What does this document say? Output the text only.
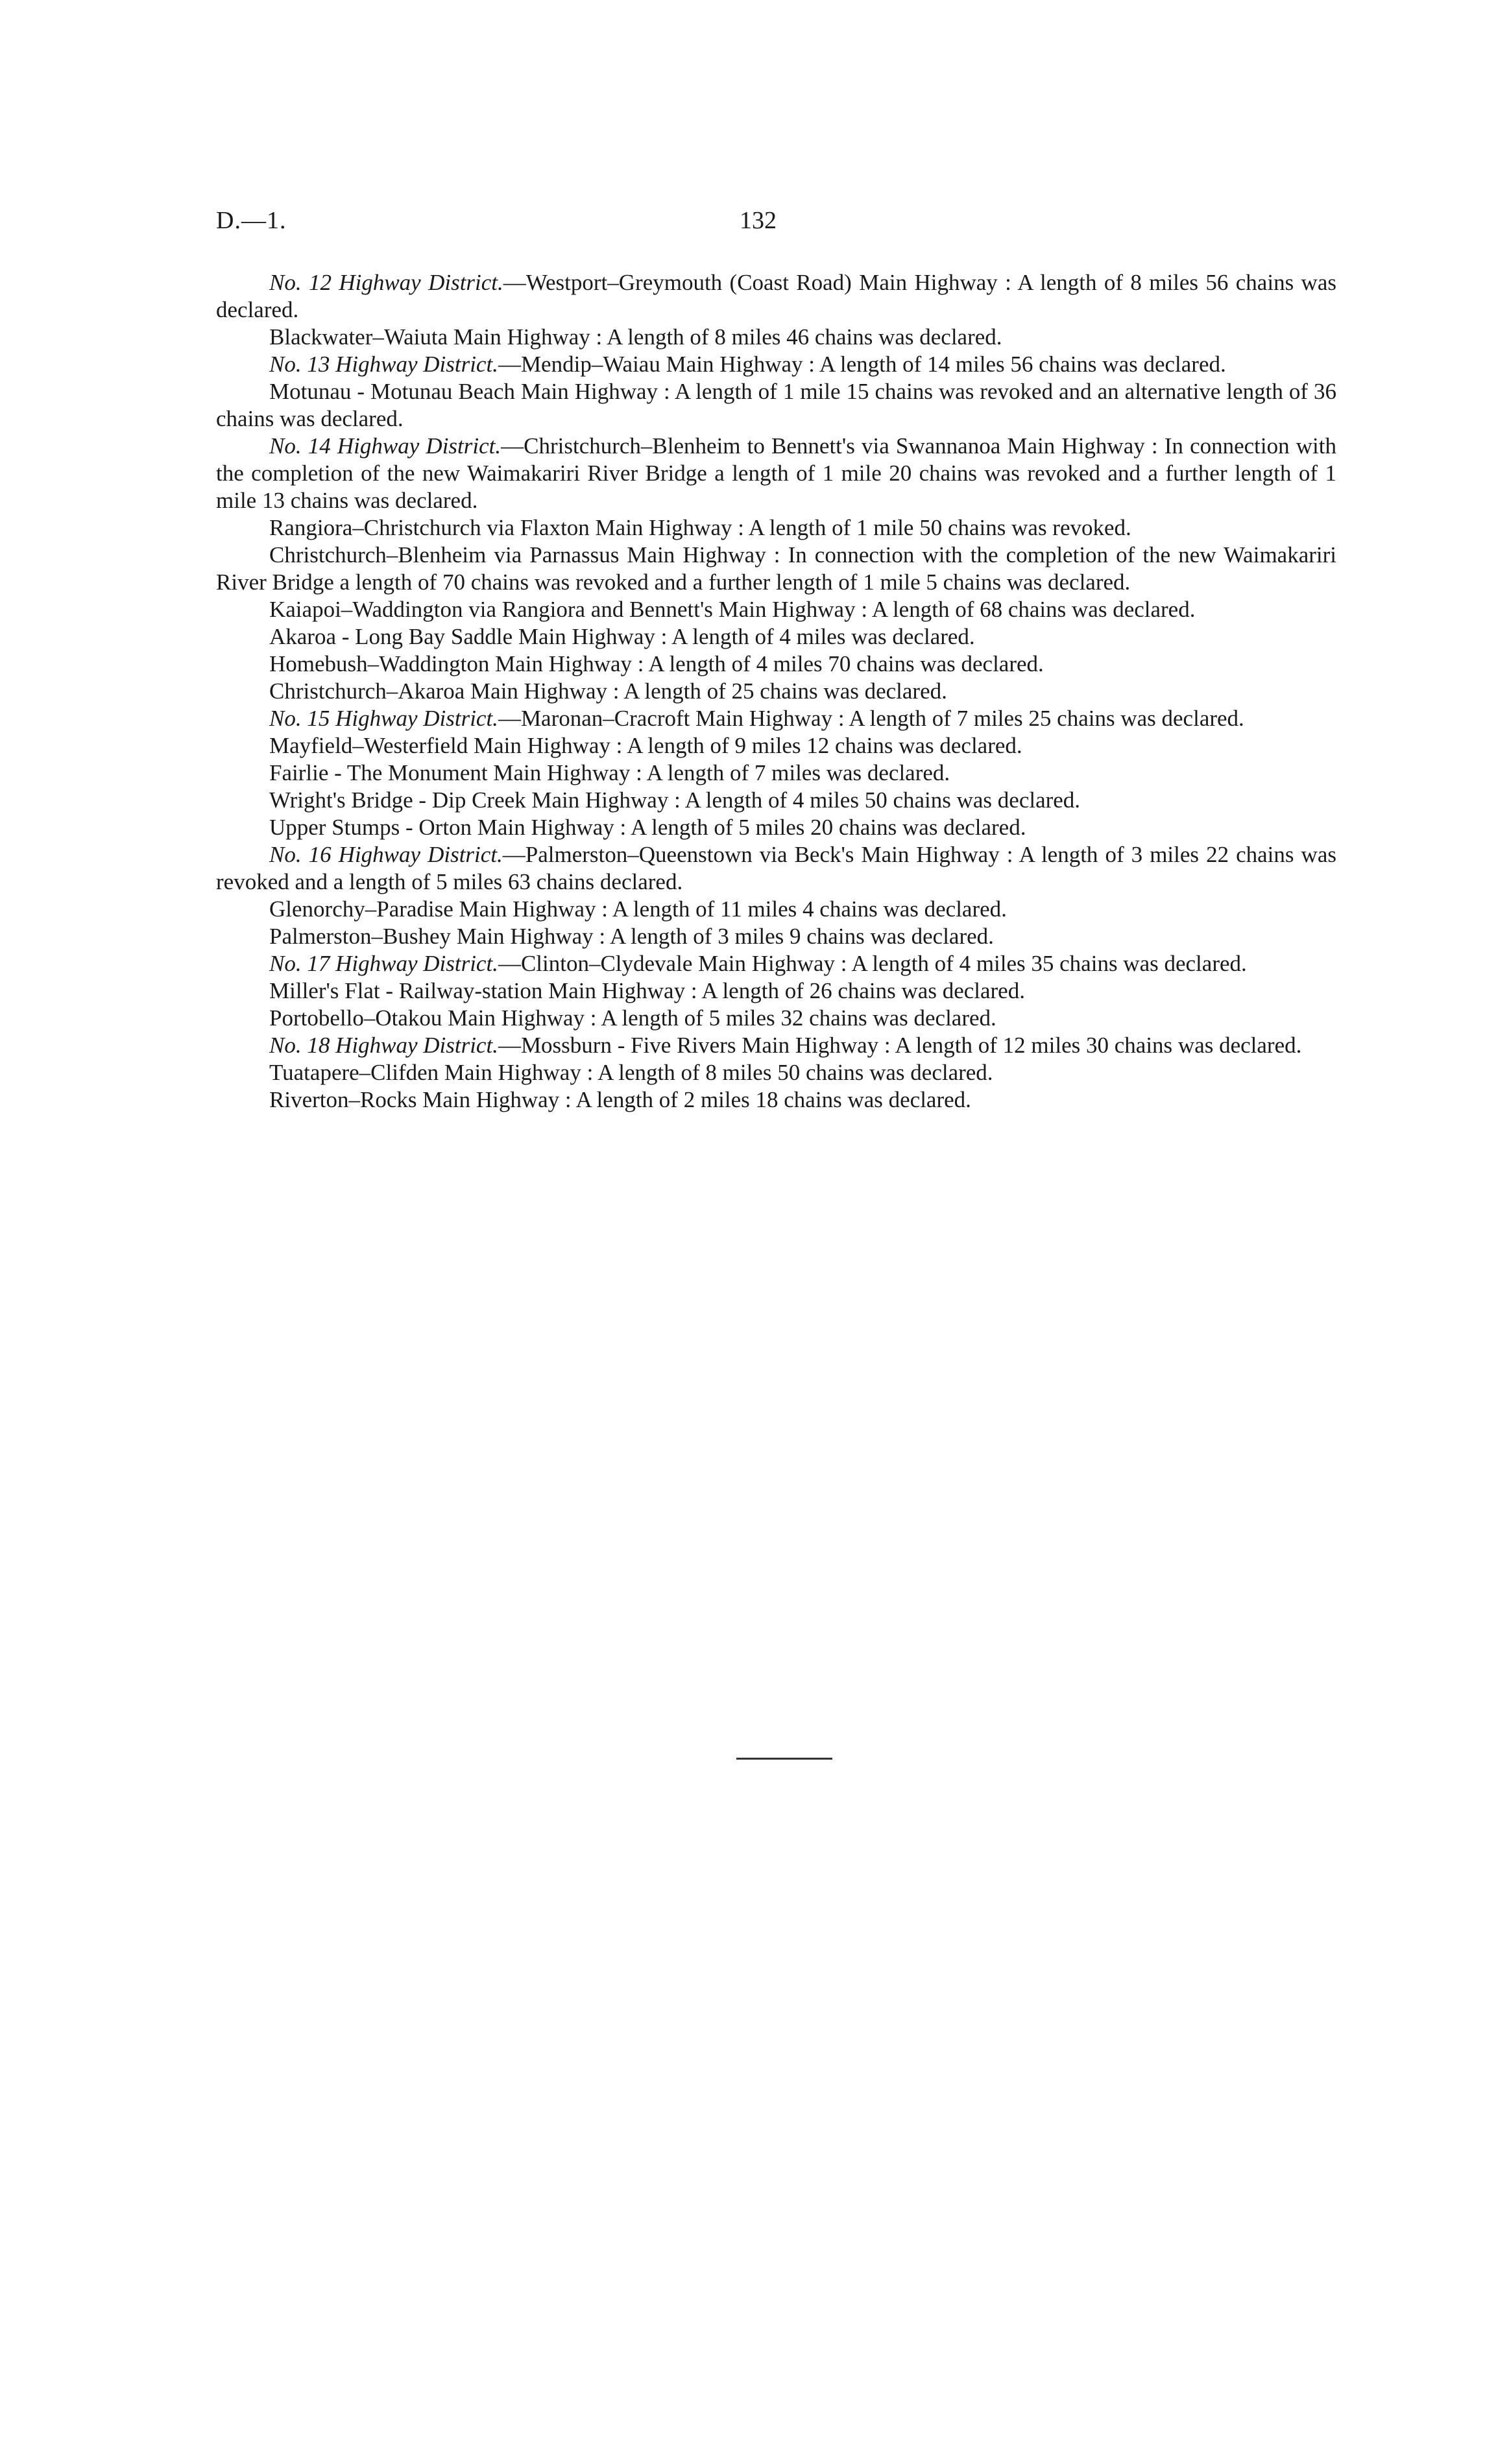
D.—1.	132

No. 12 Highway District.—Westport–Greymouth (Coast Road) Main Highway : A length of 8 miles 56 chains was declared.

Blackwater–Waiuta Main Highway : A length of 8 miles 46 chains was declared.

No. 13 Highway District.—Mendip–Waiau Main Highway : A length of 14 miles 56 chains was declared.

Motunau - Motunau Beach Main Highway : A length of 1 mile 15 chains was revoked and an alternative length of 36 chains was declared.

No. 14 Highway District.—Christchurch–Blenheim to Bennett's via Swannanoa Main Highway : In connection with the completion of the new Waimakariri River Bridge a length of 1 mile 20 chains was revoked and a further length of 1 mile 13 chains was declared.

Rangiora–Christchurch via Flaxton Main Highway : A length of 1 mile 50 chains was revoked.

Christchurch–Blenheim via Parnassus Main Highway : In connection with the completion of the new Waimakariri River Bridge a length of 70 chains was revoked and a further length of 1 mile 5 chains was declared.

Kaiapoi–Waddington via Rangiora and Bennett's Main Highway : A length of 68 chains was declared.

Akaroa - Long Bay Saddle Main Highway : A length of 4 miles was declared.

Homebush–Waddington Main Highway : A length of 4 miles 70 chains was declared.

Christchurch–Akaroa Main Highway : A length of 25 chains was declared.

No. 15 Highway District.—Maronan–Cracroft Main Highway : A length of 7 miles 25 chains was declared.

Mayfield–Westerfield Main Highway : A length of 9 miles 12 chains was declared.

Fairlie - The Monument Main Highway : A length of 7 miles was declared.

Wright's Bridge - Dip Creek Main Highway : A length of 4 miles 50 chains was declared.

Upper Stumps - Orton Main Highway : A length of 5 miles 20 chains was declared.

No. 16 Highway District.—Palmerston–Queenstown via Beck's Main Highway : A length of 3 miles 22 chains was revoked and a length of 5 miles 63 chains declared.

Glenorchy–Paradise Main Highway : A length of 11 miles 4 chains was declared.

Palmerston–Bushey Main Highway : A length of 3 miles 9 chains was declared.

No. 17 Highway District.—Clinton–Clydevale Main Highway : A length of 4 miles 35 chains was declared.

Miller's Flat - Railway-station Main Highway : A length of 26 chains was declared.

Portobello–Otakou Main Highway : A length of 5 miles 32 chains was declared.

No. 18 Highway District.—Mossburn - Five Rivers Main Highway : A length of 12 miles 30 chains was declared.

Tuatapere–Clifden Main Highway : A length of 8 miles 50 chains was declared.

Riverton–Rocks Main Highway : A length of 2 miles 18 chains was declared.
